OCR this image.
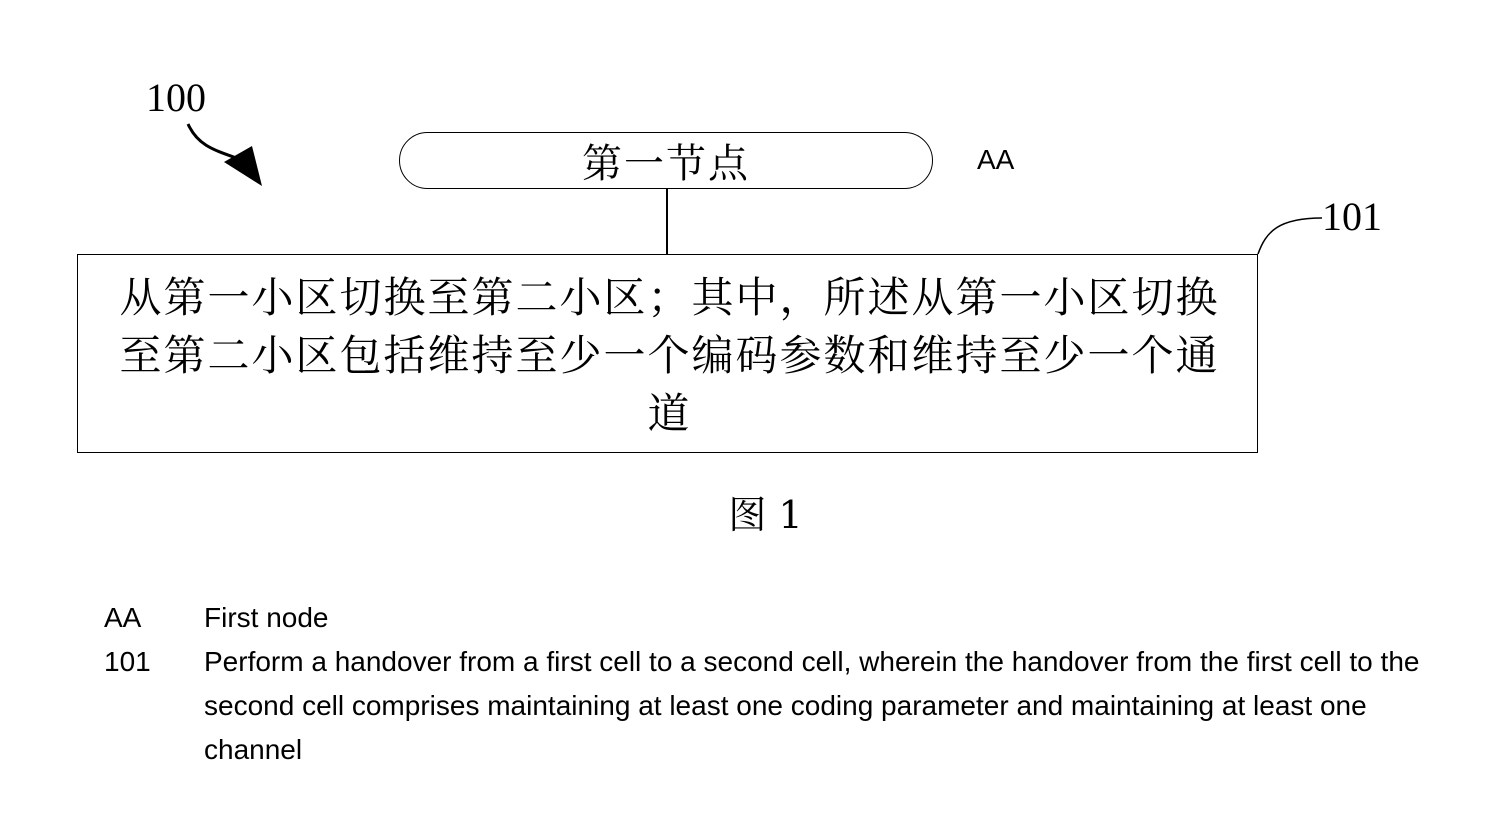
100
第一节点	AA
101
从第一小区切换至第二小区；其中，所述从第一小区切换至第二小区包括维持至少一个编码参数和维持至少一个通道
图 1
AA	First node
101	Perform a handover from a first cell to a second cell, wherein the handover from the first cell to the second cell comprises maintaining at least one coding parameter and maintaining at least one channel
